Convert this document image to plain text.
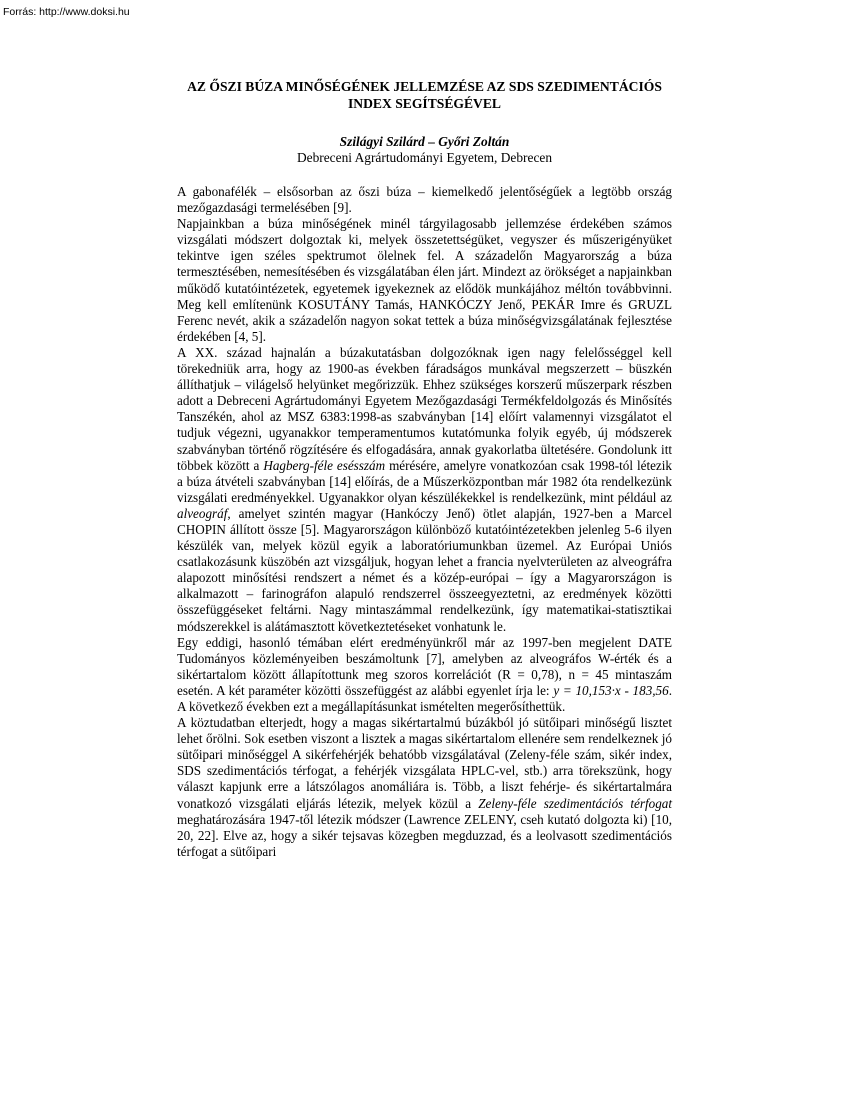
Forrás: http://www.doksi.hu
AZ ŐSZI BÚZA MINŐSÉGÉNEK JELLEMZÉSE AZ SDS SZEDIMENTÁCIÓS
INDEX SEGÍTSÉGÉVEL

Szilágyi Szilárd – Győri Zoltán

Debreceni Agrártudományi Egyetem, Debrecen

A gabonafélék – elsősorban az őszi búza – kiemelkedő jelentőségűek a legtöbb ország mezőgazdasági termelésében [9].

Napjainkban a búza minőségének minél tárgyilagosabb jellemzése érdekében számos vizsgálati módszert dolgoztak ki, melyek összetettségüket, vegyszer és műszerigényüket tekintve igen széles spektrumot ölelnek fel. A századelőn Magyarország a búza termesztésében, nemesítésében és vizsgálatában élen járt. Mindezt az örökséget a napjainkban működő kutatóintézetek, egyetemek igyekeznek az elődök munkájához méltón továbbvinni. Meg kell említenünk KOSUTÁNY Tamás, HANKÓCZY Jenő, PEKÁR Imre és GRUZL Ferenc nevét, akik a századelőn nagyon sokat tettek a búza minőségvizsgálatának fejlesztése érdekében [4, 5].

A XX. század hajnalán a búzakutatásban dolgozóknak igen nagy felelősséggel kell törekedniük arra, hogy az 1900-as években fáradságos munkával megszerzett – büszkén állíthatjuk – világelső helyünket megőrizzük. Ehhez szükséges korszerű műszerpark részben adott a Debreceni Agrártudományi Egyetem Mezőgazdasági Termékfeldolgozás és Minősítés Tanszékén, ahol az MSZ 6383:1998-as szabványban [14] előírt valamennyi vizsgálatot el tudjuk végezni, ugyanakkor temperamentumos kutatómunka folyik egyéb, új módszerek szabványban történő rögzítésére és elfogadására, annak gyakorlatba ültetésére. Gondolunk itt többek között a Hagberg-féle esésszám mérésére, amelyre vonatkozóan csak 1998-tól létezik a búza átvételi szabványban [14] előírás, de a Műszerközpontban már 1982 óta rendelkezünk vizsgálati eredményekkel. Ugyanakkor olyan készülékekkel is rendelkezünk, mint például az alveográf, amelyet szintén magyar (Hankóczy Jenő) ötlet alapján, 1927-ben a Marcel CHOPIN állított össze [5]. Magyarországon különböző kutatóintézetekben jelenleg 5-6 ilyen készülék van, melyek közül egyik a laboratóriumunkban üzemel. Az Európai Uniós csatlakozásunk küszöbén azt vizsgáljuk, hogyan lehet a francia nyelvterületen az alveográfra alapozott minősítési rendszert a német és a közép-európai – így a Magyarországon is alkalmazott – farinográfon alapuló rendszerrel összeegyeztetni, az eredmények közötti összefüggéseket feltárni. Nagy mintaszámmal rendelkezünk, így matematikai-statisztikai módszerekkel is alátámasztott következtetéseket vonhatunk le.

Egy eddigi, hasonló témában elért eredményünkről már az 1997-ben megjelent DATE Tudományos közleményeiben beszámoltunk [7], amelyben az alveográfos W-érték és a sikértartalom között állapítottunk meg szoros korrelációt (R = 0,78), n = 45 mintaszám esetén. A két paraméter közötti összefüggést az alábbi egyenlet írja le: y = 10,153·x - 183,56. A következő években ezt a megállapításunkat ismételten megerősíthettük.

A köztudatban elterjedt, hogy a magas sikértartalmú búzákból jó sütőipari minőségű lisztet lehet őrölni. Sok esetben viszont a lisztek a magas sikértartalom ellenére sem rendelkeznek jó sütőipari minőséggel A sikérfehérjék behatóbb vizsgálatával (Zeleny-féle szám, sikér index, SDS szedimentációs térfogat, a fehérjék vizsgálata HPLC-vel, stb.) arra törekszünk, hogy választ kapjunk erre a látszólagos anomáliára is. Több, a liszt fehérje- és sikértartalmára vonatkozó vizsgálati eljárás létezik, melyek közül a Zeleny-féle szedimentációs térfogat meghatározására 1947-től létezik módszer (Lawrence ZELENY, cseh kutató dolgozta ki) [10, 20, 22]. Elve az, hogy a sikér tejsavas közegben megduzzad, és a leolvasott szedimentációs térfogat a sütőipari
